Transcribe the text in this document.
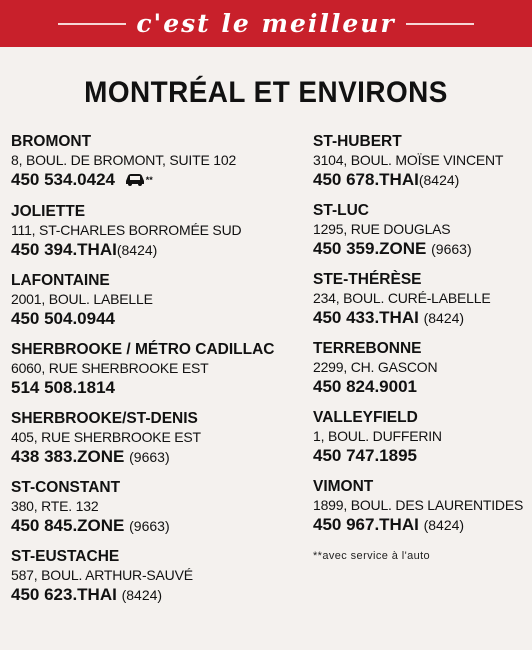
c'est le meilleur
MONTRÉAL ET ENVIRONS
BROMONT
8, BOUL. DE BROMONT, SUITE 102
450 534.0424	**
JOLIETTE
111, ST-CHARLES BORROMÉE SUD
450 394.THAI(8424)
LAFONTAINE
2001, BOUL. LABELLE
450 504.0944
SHERBROOKE / MÉTRO CADILLAC
6060, RUE SHERBROOKE EST
514 508.1814
SHERBROOKE/ST-DENIS
405, RUE SHERBROOKE EST
438 383.ZONE (9663)
ST-CONSTANT
380, RTE. 132
450 845.ZONE (9663)
ST-EUSTACHE
587, BOUL. ARTHUR-SAUVÉ
450 623.THAI (8424)
ST-HUBERT
3104, BOUL. MOÏSE VINCENT
450 678.THAI(8424)
ST-LUC
1295, RUE DOUGLAS
450 359.ZONE (9663)
STE-THÉRÈSE
234, BOUL. CURÉ-LABELLE
450 433.THAI (8424)
TERREBONNE
2299, CH. GASCON
450 824.9001
VALLEYFIELD
1, BOUL. DUFFERIN
450 747.1895
VIMONT
1899, BOUL. DES LAURENTIDES
450 967.THAI (8424)
**avec service à l'auto
